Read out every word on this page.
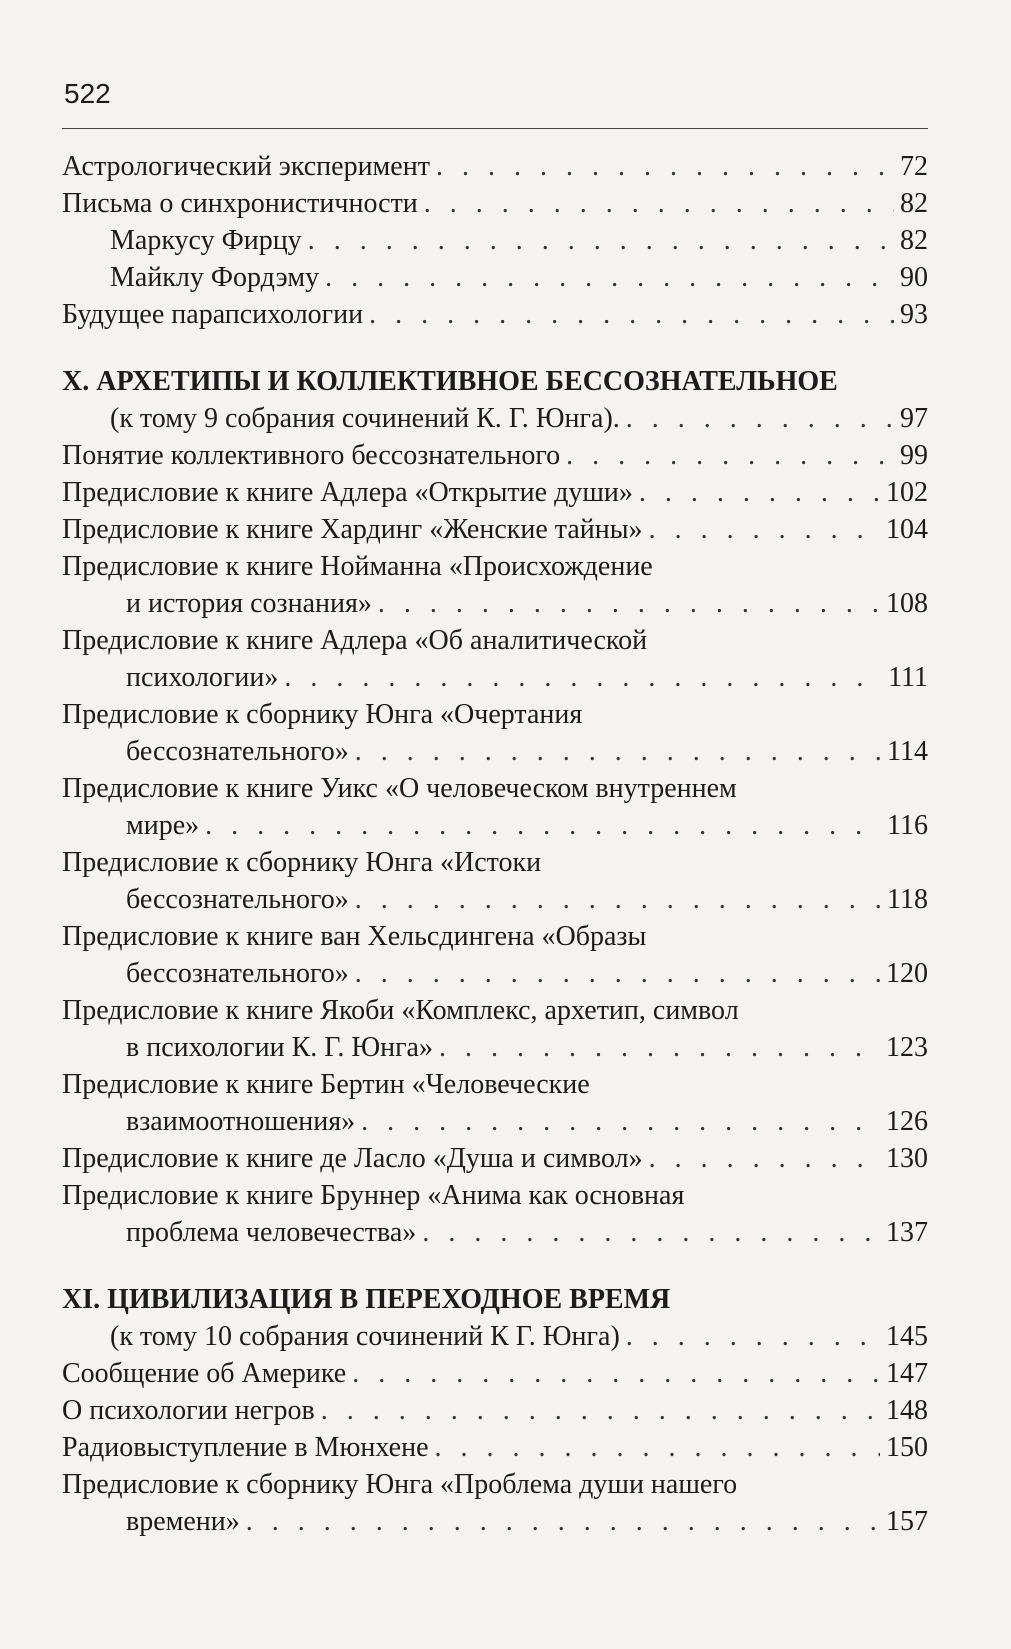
522
Астрологический эксперимент . . .	72
Письма о синхронистичности . . .	82
Маркусу Фирцу . . .	82
Майклу Фордэму . . .	90
Будущее парапсихологии . . .	93
X. АРХЕТИПЫ И КОЛЛЕКТИВНОЕ БЕССОЗНАТЕЛЬНОЕ
(к тому 9 собрания сочинений К. Г. Юнга). . . .	97
Понятие коллективного бессознательного . . .	99
Предисловие к книге Адлера «Открытие души» . . .	102
Предисловие к книге Хардинг «Женские тайны» . . .	104
Предисловие к книге Нойманна «Происхождение
и история сознания» . . .	108
Предисловие к книге Адлера «Об аналитической
психологии» . . .	111
Предисловие к сборнику Юнга «Очертания
бессознательного» . . .	114
Предисловие к книге Уикс «О человеческом внутреннем
мире» . . .	116
Предисловие к сборнику Юнга «Истоки
бессознательного» . . .	118
Предисловие к книге ван Хельсдингена «Образы
бессознательного» . . .	120
Предисловие к книге Якоби «Комплекс, архетип, символ
в психологии К. Г. Юнга» . . .	123
Предисловие к книге Бертин «Человеческие
взаимоотношения» . . .	126
Предисловие к книге де Ласло «Душа и символ» . . .	130
Предисловие к книге Бруннер «Анима как основная
проблема человечества» . . .	137
XI. ЦИВИЛИЗАЦИЯ В ПЕРЕХОДНОЕ ВРЕМЯ
(к тому 10 собрания сочинений К Г. Юнга) . . .	145
Сообщение об Америке . . .	147
О психологии негров . . .	148
Радиовыступление в Мюнхене . . .	150
Предисловие к сборнику Юнга «Проблема души нашего
времени» . . .	157
